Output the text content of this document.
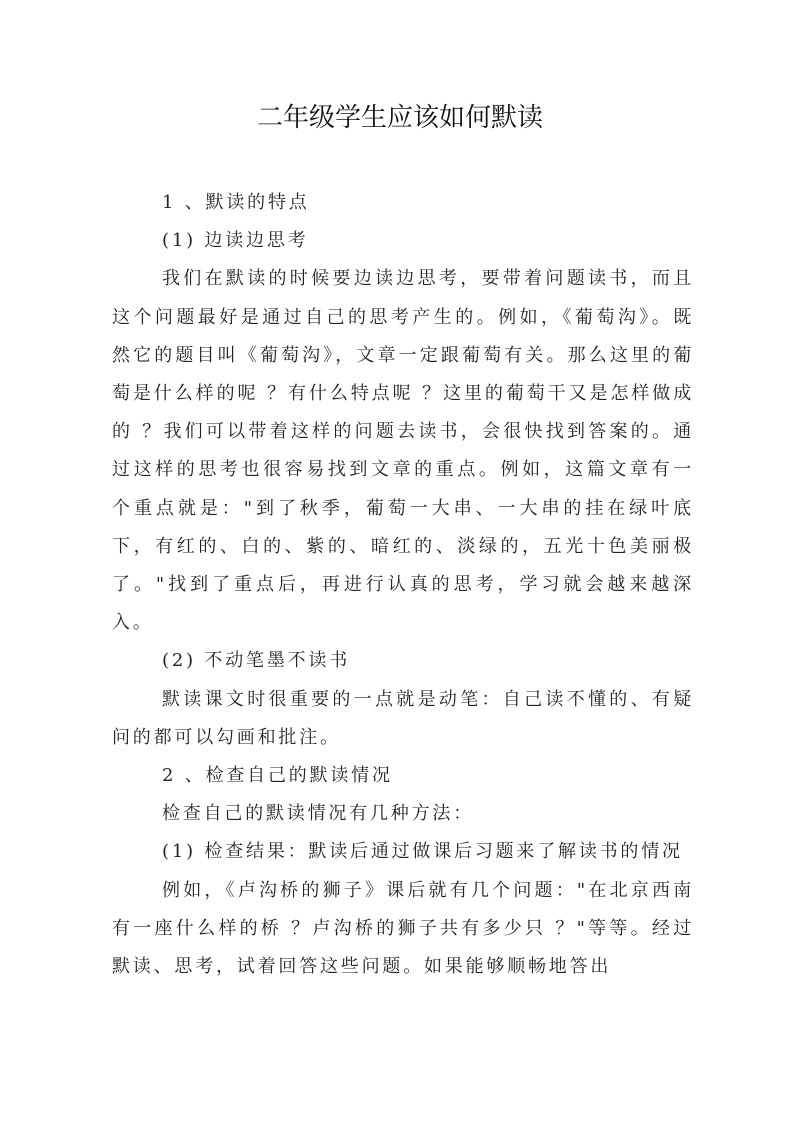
二年级学生应该如何默读

1 、默读的特点

(1) 边读边思考

我们在默读的时候要边读边思考，要带着问题读书，而且这个问题最好是通过自己的思考产生的。例如，《葡萄沟》。既然它的题目叫《葡萄沟》，文章一定跟葡萄有关。那么这里的葡萄是什么样的呢 ？有什么特点呢 ？这里的葡萄干又是怎样做成的 ？我们可以带着这样的问题去读书，会很快找到答案的。通过这样的思考也很容易找到文章的重点。例如，这篇文章有一个重点就是："到了秋季，葡萄一大串、一大串的挂在绿叶底下，有红的、白的、紫的、暗红的、淡绿的，五光十色美丽极了。"找到了重点后，再进行认真的思考，学习就会越来越深入。

(2) 不动笔墨不读书

默读课文时很重要的一点就是动笔：自己读不懂的、有疑问的都可以勾画和批注。

2 、检查自己的默读情况

检查自己的默读情况有几种方法：

(1) 检查结果：默读后通过做课后习题来了解读书的情况

例如，《卢沟桥的狮子》课后就有几个问题："在北京西南有一座什么样的桥 ？卢沟桥的狮子共有多少只 ？"等等。经过默读、思考，试着回答这些问题。如果能够顺畅地答出
